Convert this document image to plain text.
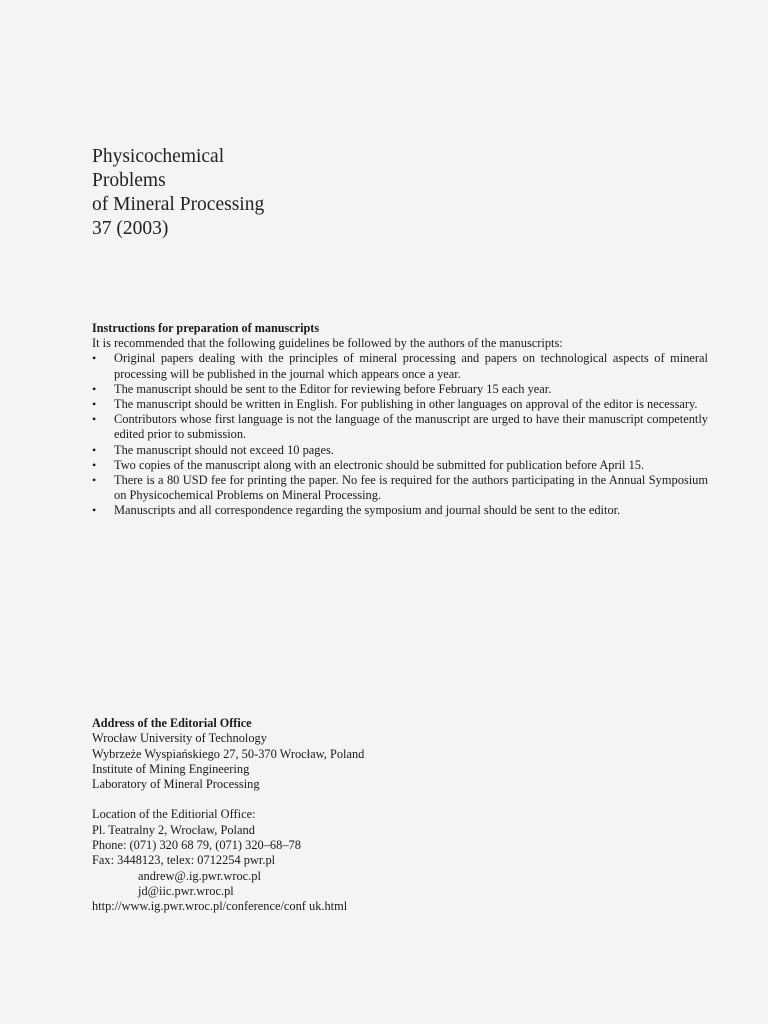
Physicochemical
Problems
of Mineral Processing
37 (2003)
Instructions for preparation of manuscripts
It is recommended that the following guidelines be followed by the authors of the manuscripts:
• Original papers dealing with the principles of mineral processing and papers on technological aspects of mineral processing will be published in the journal which appears once a year.
• The manuscript should be sent to the Editor for reviewing before February 15 each year.
• The manuscript should be written in English. For publishing in other languages on approval of the editor is necessary.
• Contributors whose first language is not the language of the manuscript are urged to have their manuscript competently edited prior to submission.
• The manuscript should not exceed 10 pages.
• Two copies of the manuscript along with an electronic should be submitted for publication before April 15.
• There is a 80 USD fee for printing the paper. No fee is required for the authors participating in the Annual Symposium on Physicochemical Problems on Mineral Processing.
• Manuscripts and all correspondence regarding the symposium and journal should be sent to the editor.
Address of the Editorial Office
Wrocław University of Technology
Wybrzeże Wyspiańskiego 27, 50-370 Wrocław, Poland
Institute of Mining Engineering
Laboratory of Mineral Processing
Location of the Editiorial Office:
Pl. Teatralny 2, Wrocław, Poland
Phone: (071) 320 68 79, (071) 320–68–78
Fax: 3448123, telex: 0712254 pwr.pl
andrew@.ig.pwr.wroc.pl
jd@iic.pwr.wroc.pl
http://www.ig.pwr.wroc.pl/conference/conf uk.html
